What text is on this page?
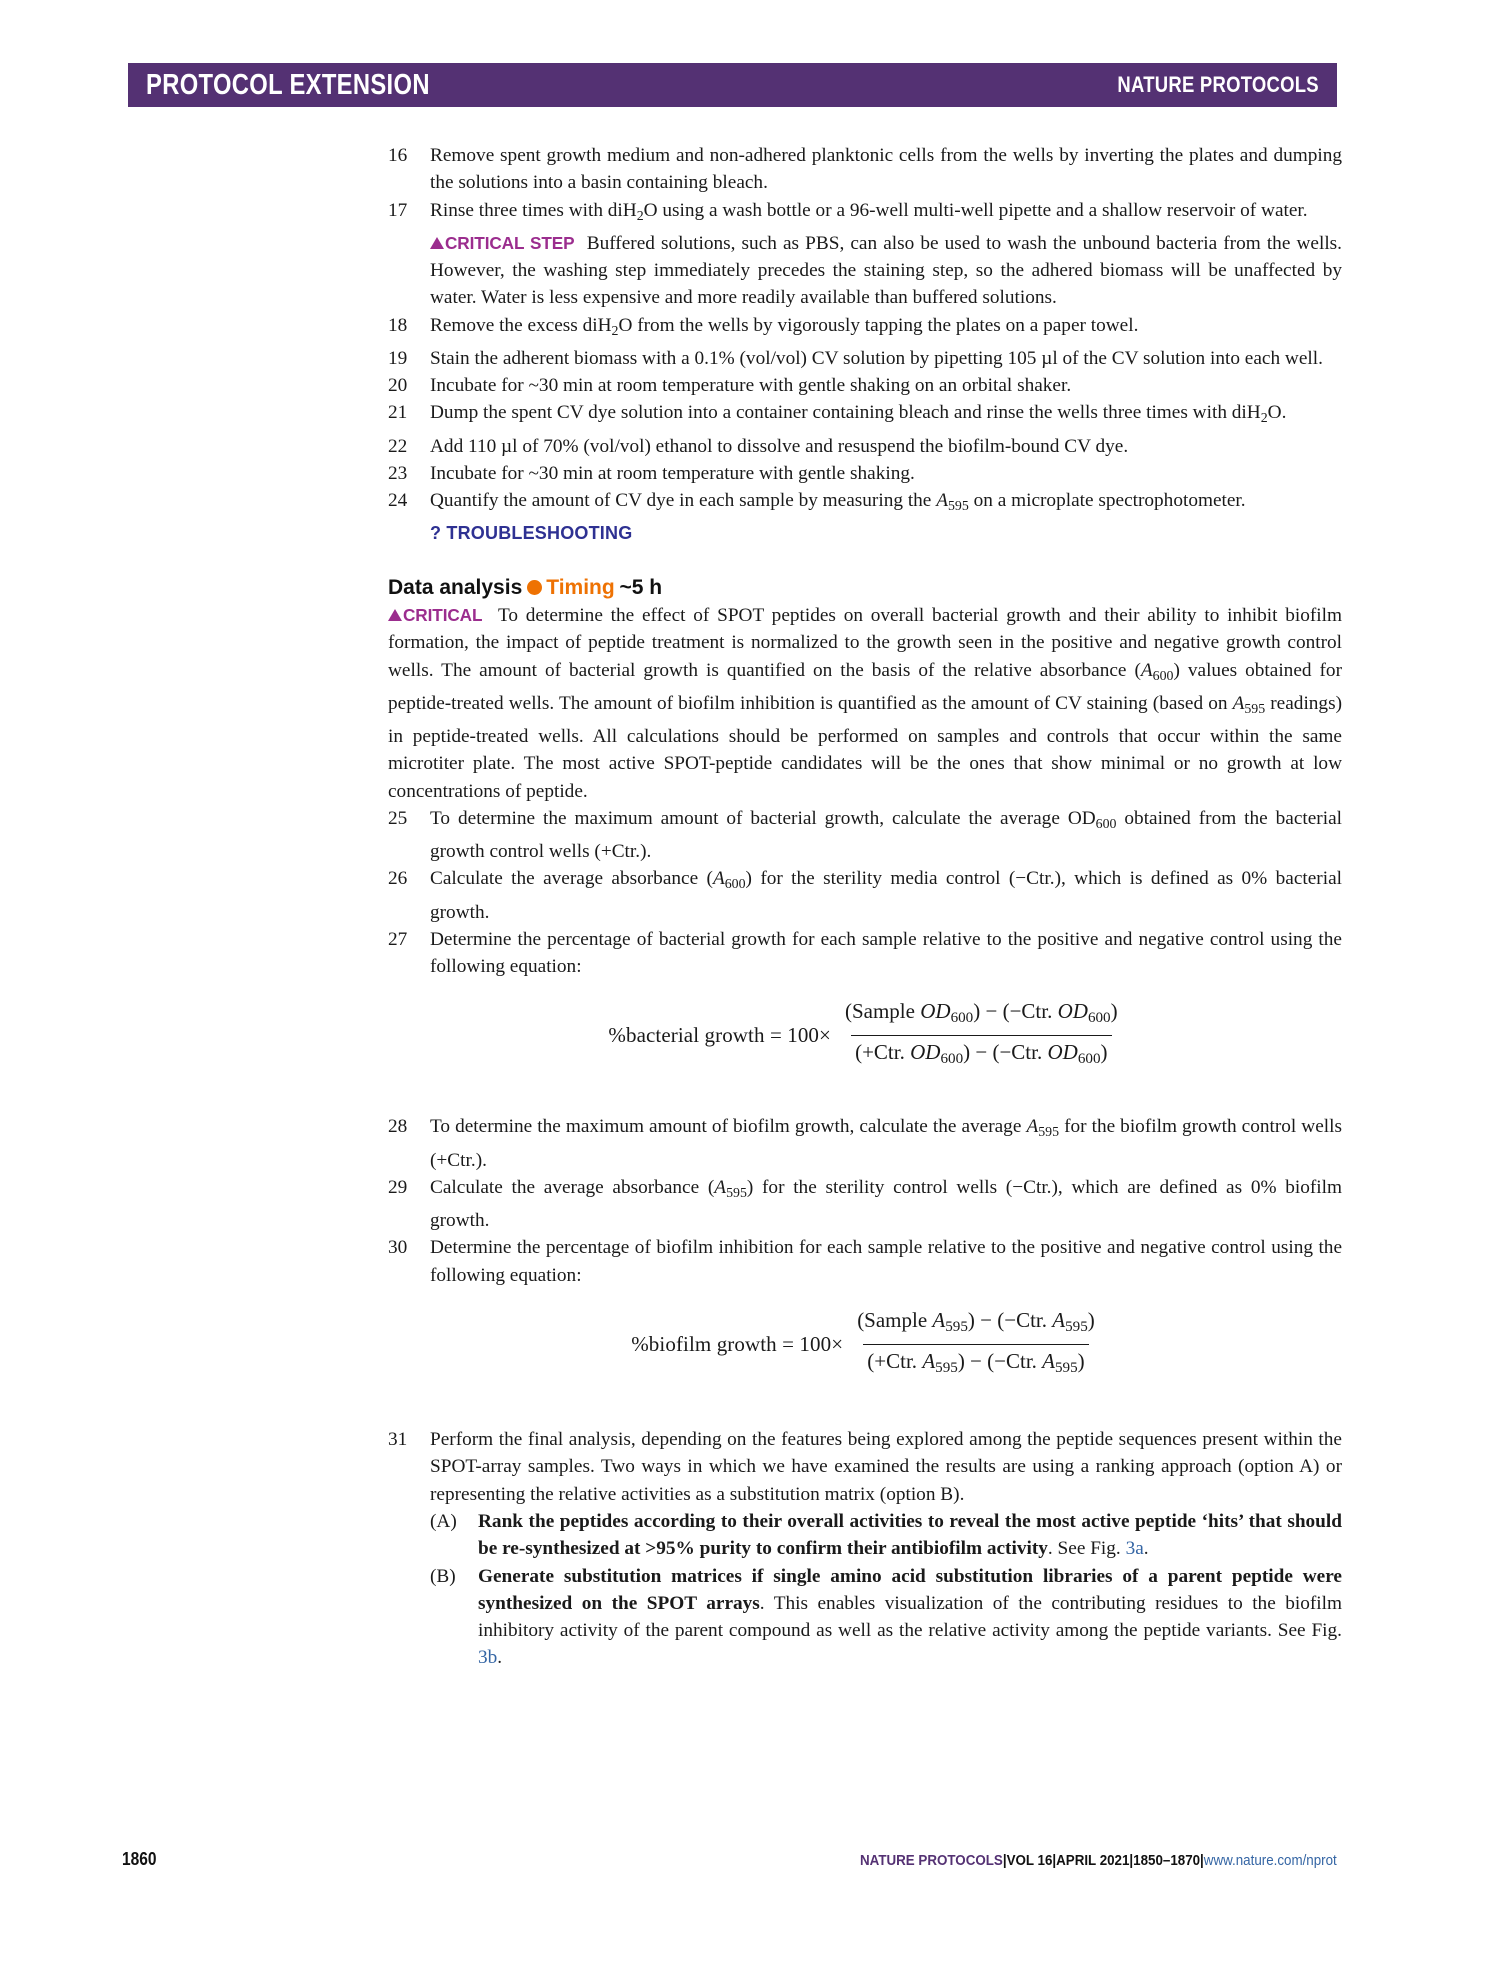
PROTOCOL EXTENSION	NATURE PROTOCOLS
16	Remove spent growth medium and non-adhered planktonic cells from the wells by inverting the plates and dumping the solutions into a basin containing bleach.
17	Rinse three times with diH$_2$O using a wash bottle or a 96-well multi-well pipette and a shallow reservoir of water.
CRITICAL STEP Buffered solutions, such as PBS, can also be used to wash the unbound bacteria from the wells. However, the washing step immediately precedes the staining step, so the adhered biomass will be unaffected by water. Water is less expensive and more readily available than buffered solutions.
18	Remove the excess diH$_2$O from the wells by vigorously tapping the plates on a paper towel.
19	Stain the adherent biomass with a 0.1% (vol/vol) CV solution by pipetting 105 µl of the CV solution into each well.
20	Incubate for ~30 min at room temperature with gentle shaking on an orbital shaker.
21	Dump the spent CV dye solution into a container containing bleach and rinse the wells three times with diH$_2$O.
22	Add 110 µl of 70% (vol/vol) ethanol to dissolve and resuspend the biofilm-bound CV dye.
23	Incubate for ~30 min at room temperature with gentle shaking.
24	Quantify the amount of CV dye in each sample by measuring the $A_{595}$ on a microplate spectrophotometer.
? TROUBLESHOOTING
Data analysis Timing ~5 h
CRITICAL To determine the effect of SPOT peptides on overall bacterial growth and their ability to inhibit biofilm formation, the impact of peptide treatment is normalized to the growth seen in the positive and negative growth control wells. The amount of bacterial growth is quantified on the basis of the relative absorbance $(A_{600})$ values obtained for peptide-treated wells. The amount of biofilm inhibition is quantified as the amount of CV staining (based on $A_{595}$ readings) in peptide-treated wells. All calculations should be performed on samples and controls that occur within the same microtiter plate. The most active SPOT-peptide candidates will be the ones that show minimal or no growth at low concentrations of peptide.
25	To determine the maximum amount of bacterial growth, calculate the average $OD_{600}$ obtained from the bacterial growth control wells (+Ctr.).
26	Calculate the average absorbance $(A_{600})$ for the sterility media control (−Ctr.), which is defined as 0% bacterial growth.
27	Determine the percentage of bacterial growth for each sample relative to the positive and negative control using the following equation:
%bacterial growth = $100\times \frac{(Sample OD_{600}) - (-Ctr. OD_{600})}{(+Ctr. OD_{600}) - (-Ctr. OD_{600})}$
28	To determine the maximum amount of biofilm growth, calculate the average $A_{595}$ for the biofilm growth control wells (+Ctr.).
29	Calculate the average absorbance $(A_{595})$ for the sterility control wells (−Ctr.), which are defined as 0% biofilm growth.
30	Determine the percentage of biofilm inhibition for each sample relative to the positive and negative control using the following equation:
%biofilm growth = $100\times \frac{(Sample A_{595}) - (-Ctr. A_{595})}{(+Ctr. A_{595}) - (-Ctr. A_{595})}$
31	Perform the final analysis, depending on the features being explored among the peptide sequences present within the SPOT-array samples. Two ways in which we have examined the results are using a ranking approach (option A) or representing the relative activities as a substitution matrix (option B).
(A)	Rank the peptides according to their overall activities to reveal the most active peptide ‘hits’ that should be re-synthesized at >95% purity to confirm their antibiofilm activity. See Fig. 3a.
(B)	Generate substitution matrices if single amino acid substitution libraries of a parent peptide were synthesized on the SPOT arrays. This enables visualization of the contributing residues to the biofilm inhibitory activity of the parent compound as well as the relative activity among the peptide variants. See Fig. 3b.
1860	NATURE PROTOCOLS|VOL 16|APRIL 2021|1850–1870|www.nature.com/nprot
